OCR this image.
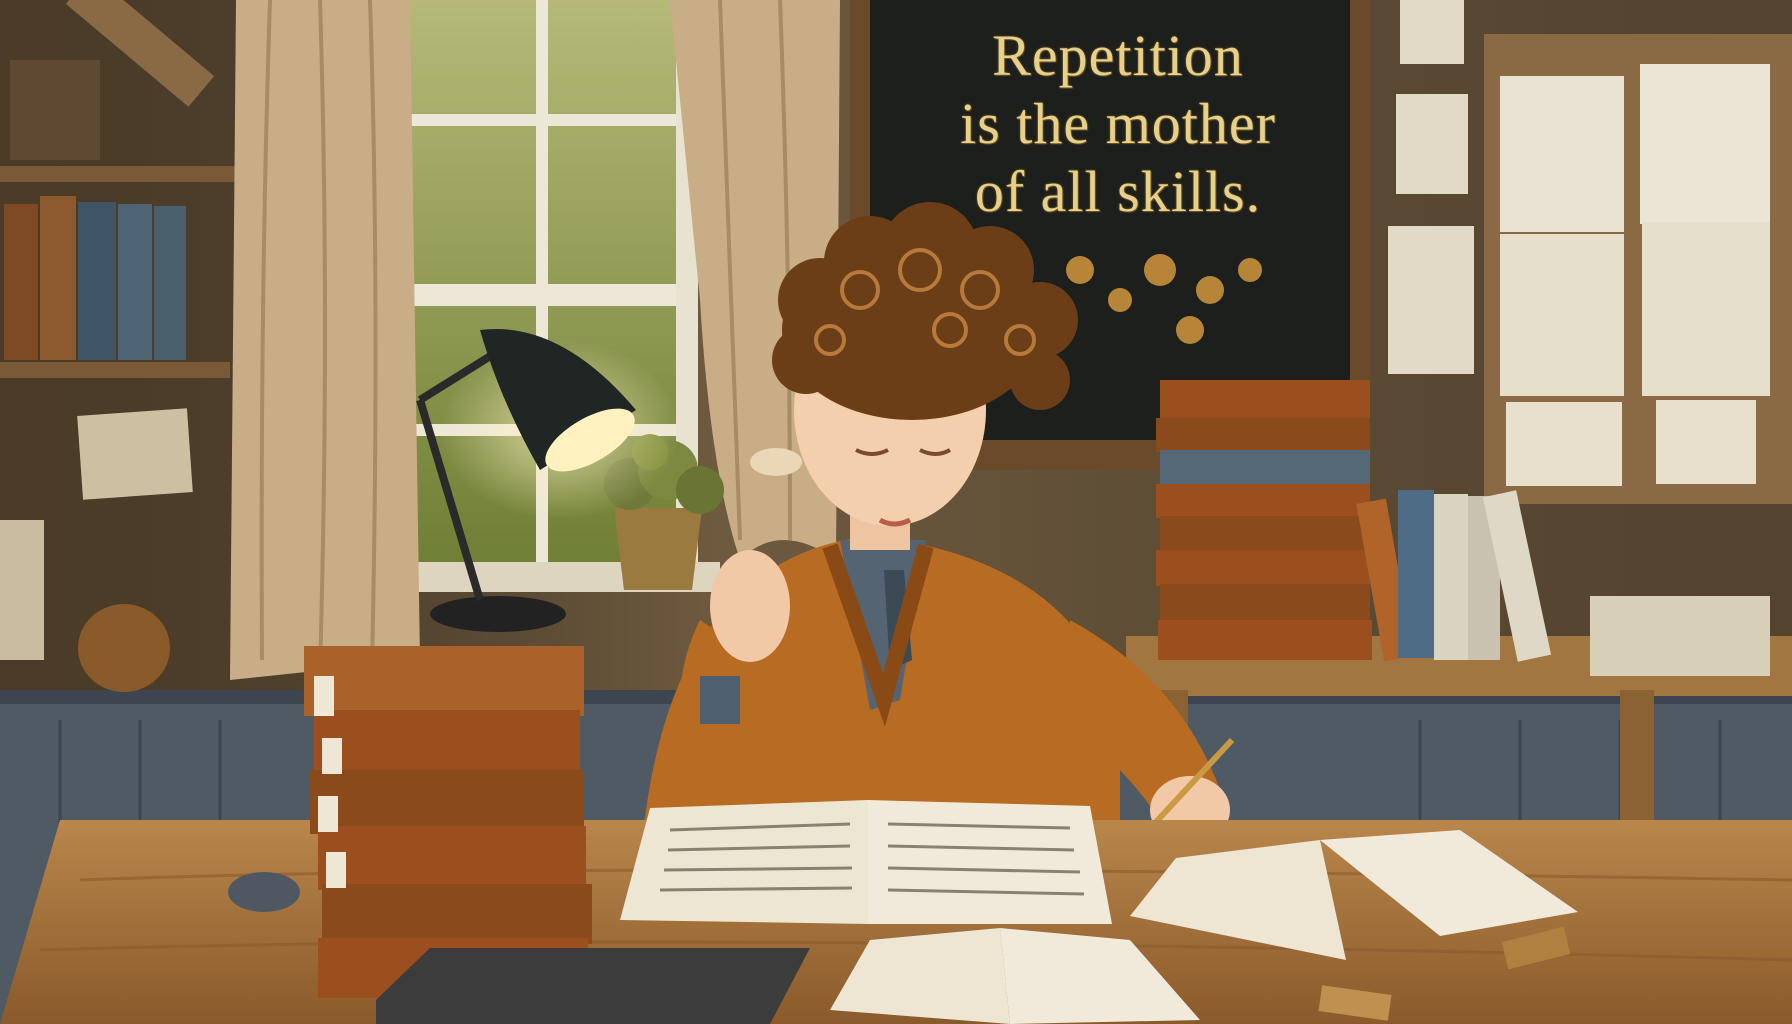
Repetition
is the mother
of all skills.
